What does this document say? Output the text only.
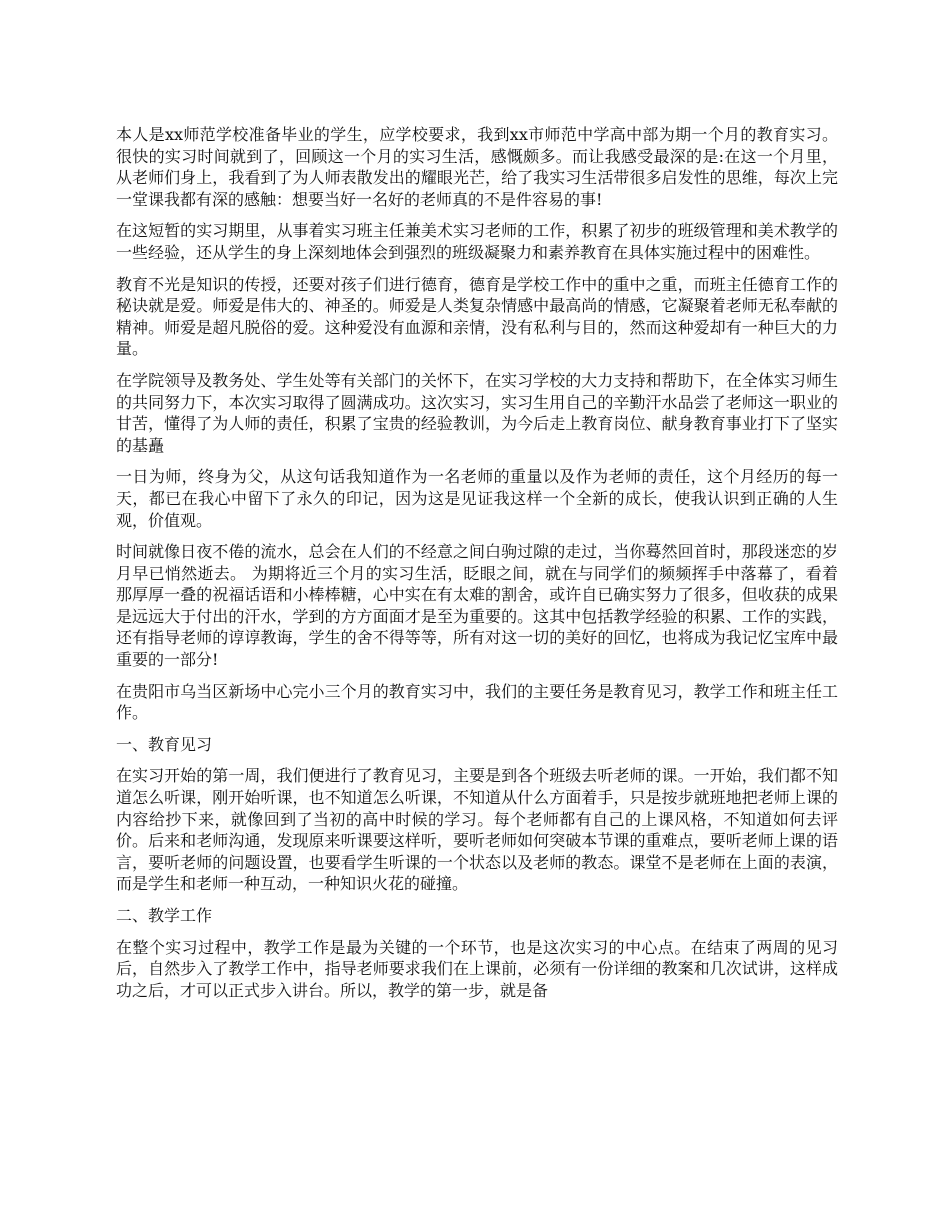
本人是xx师范学校准备毕业的学生，应学校要求，我到xx市师范中学高中部为期一个月的教育实习。很快的实习时间就到了，回顾这一个月的实习生活，感慨颇多。而让我感受最深的是:在这一个月里，从老师们身上，我看到了为人师表散发出的耀眼光芒，给了我实习生活带很多启发性的思维，每次上完一堂课我都有深的感触：想要当好一名好的老师真的不是件容易的事!

在这短暂的实习期里，从事着实习班主任兼美术实习老师的工作，积累了初步的班级管理和美术教学的一些经验，还从学生的身上深刻地体会到强烈的班级凝聚力和素养教育在具体实施过程中的困难性。

教育不光是知识的传授，还要对孩子们进行德育，德育是学校工作中的重中之重，而班主任德育工作的秘诀就是爱。师爱是伟大的、神圣的。师爱是人类复杂情感中最高尚的情感，它凝聚着老师无私奉献的精神。师爱是超凡脱俗的爱。这种爱没有血源和亲情，没有私利与目的，然而这种爱却有一种巨大的力量。

在学院领导及教务处、学生处等有关部门的关怀下，在实习学校的大力支持和帮助下，在全体实习师生的共同努力下，本次实习取得了圆满成功。这次实习，实习生用自己的辛勤汗水品尝了老师这一职业的甘苦，懂得了为人师的责任，积累了宝贵的经验教训，为今后走上教育岗位、献身教育事业打下了坚实的基矗

一日为师，终身为父，从这句话我知道作为一名老师的重量以及作为老师的责任，这个月经历的每一天，都已在我心中留下了永久的印记，因为这是见证我这样一个全新的成长，使我认识到正确的人生观，价值观。

时间就像日夜不倦的流水，总会在人们的不经意之间白驹过隙的走过，当你蓦然回首时，那段迷恋的岁月早已悄然逝去。 为期将近三个月的实习生活，眨眼之间，就在与同学们的频频挥手中落幕了，看着那厚厚一叠的祝福话语和小棒棒糖，心中实在有太难的割舍，或许自已确实努力了很多，但收获的成果是远远大于付出的汗水，学到的方方面面才是至为重要的。这其中包括教学经验的积累、工作的实践，还有指导老师的谆谆教诲，学生的舍不得等等，所有对这一切的美好的回忆，也将成为我记忆宝库中最重要的一部分!

在贵阳市乌当区新场中心完小三个月的教育实习中，我们的主要任务是教育见习，教学工作和班主任工作。

一、教育见习

在实习开始的第一周，我们便进行了教育见习，主要是到各个班级去听老师的课。一开始，我们都不知道怎么听课，刚开始听课，也不知道怎么听课，不知道从什么方面着手，只是按步就班地把老师上课的内容给抄下来，就像回到了当初的高中时候的学习。每个老师都有自己的上课风格，不知道如何去评价。后来和老师沟通，发现原来听课要这样听，要听老师如何突破本节课的重难点，要听老师上课的语言，要听老师的问题设置，也要看学生听课的一个状态以及老师的教态。课堂不是老师在上面的表演，而是学生和老师一种互动，一种知识火花的碰撞。

二、教学工作

在整个实习过程中，教学工作是最为关键的一个环节，也是这次实习的中心点。在结束了两周的见习后，自然步入了教学工作中，指导老师要求我们在上课前，必须有一份详细的教案和几次试讲，这样成功之后，才可以正式步入讲台。所以，教学的第一步，就是备
